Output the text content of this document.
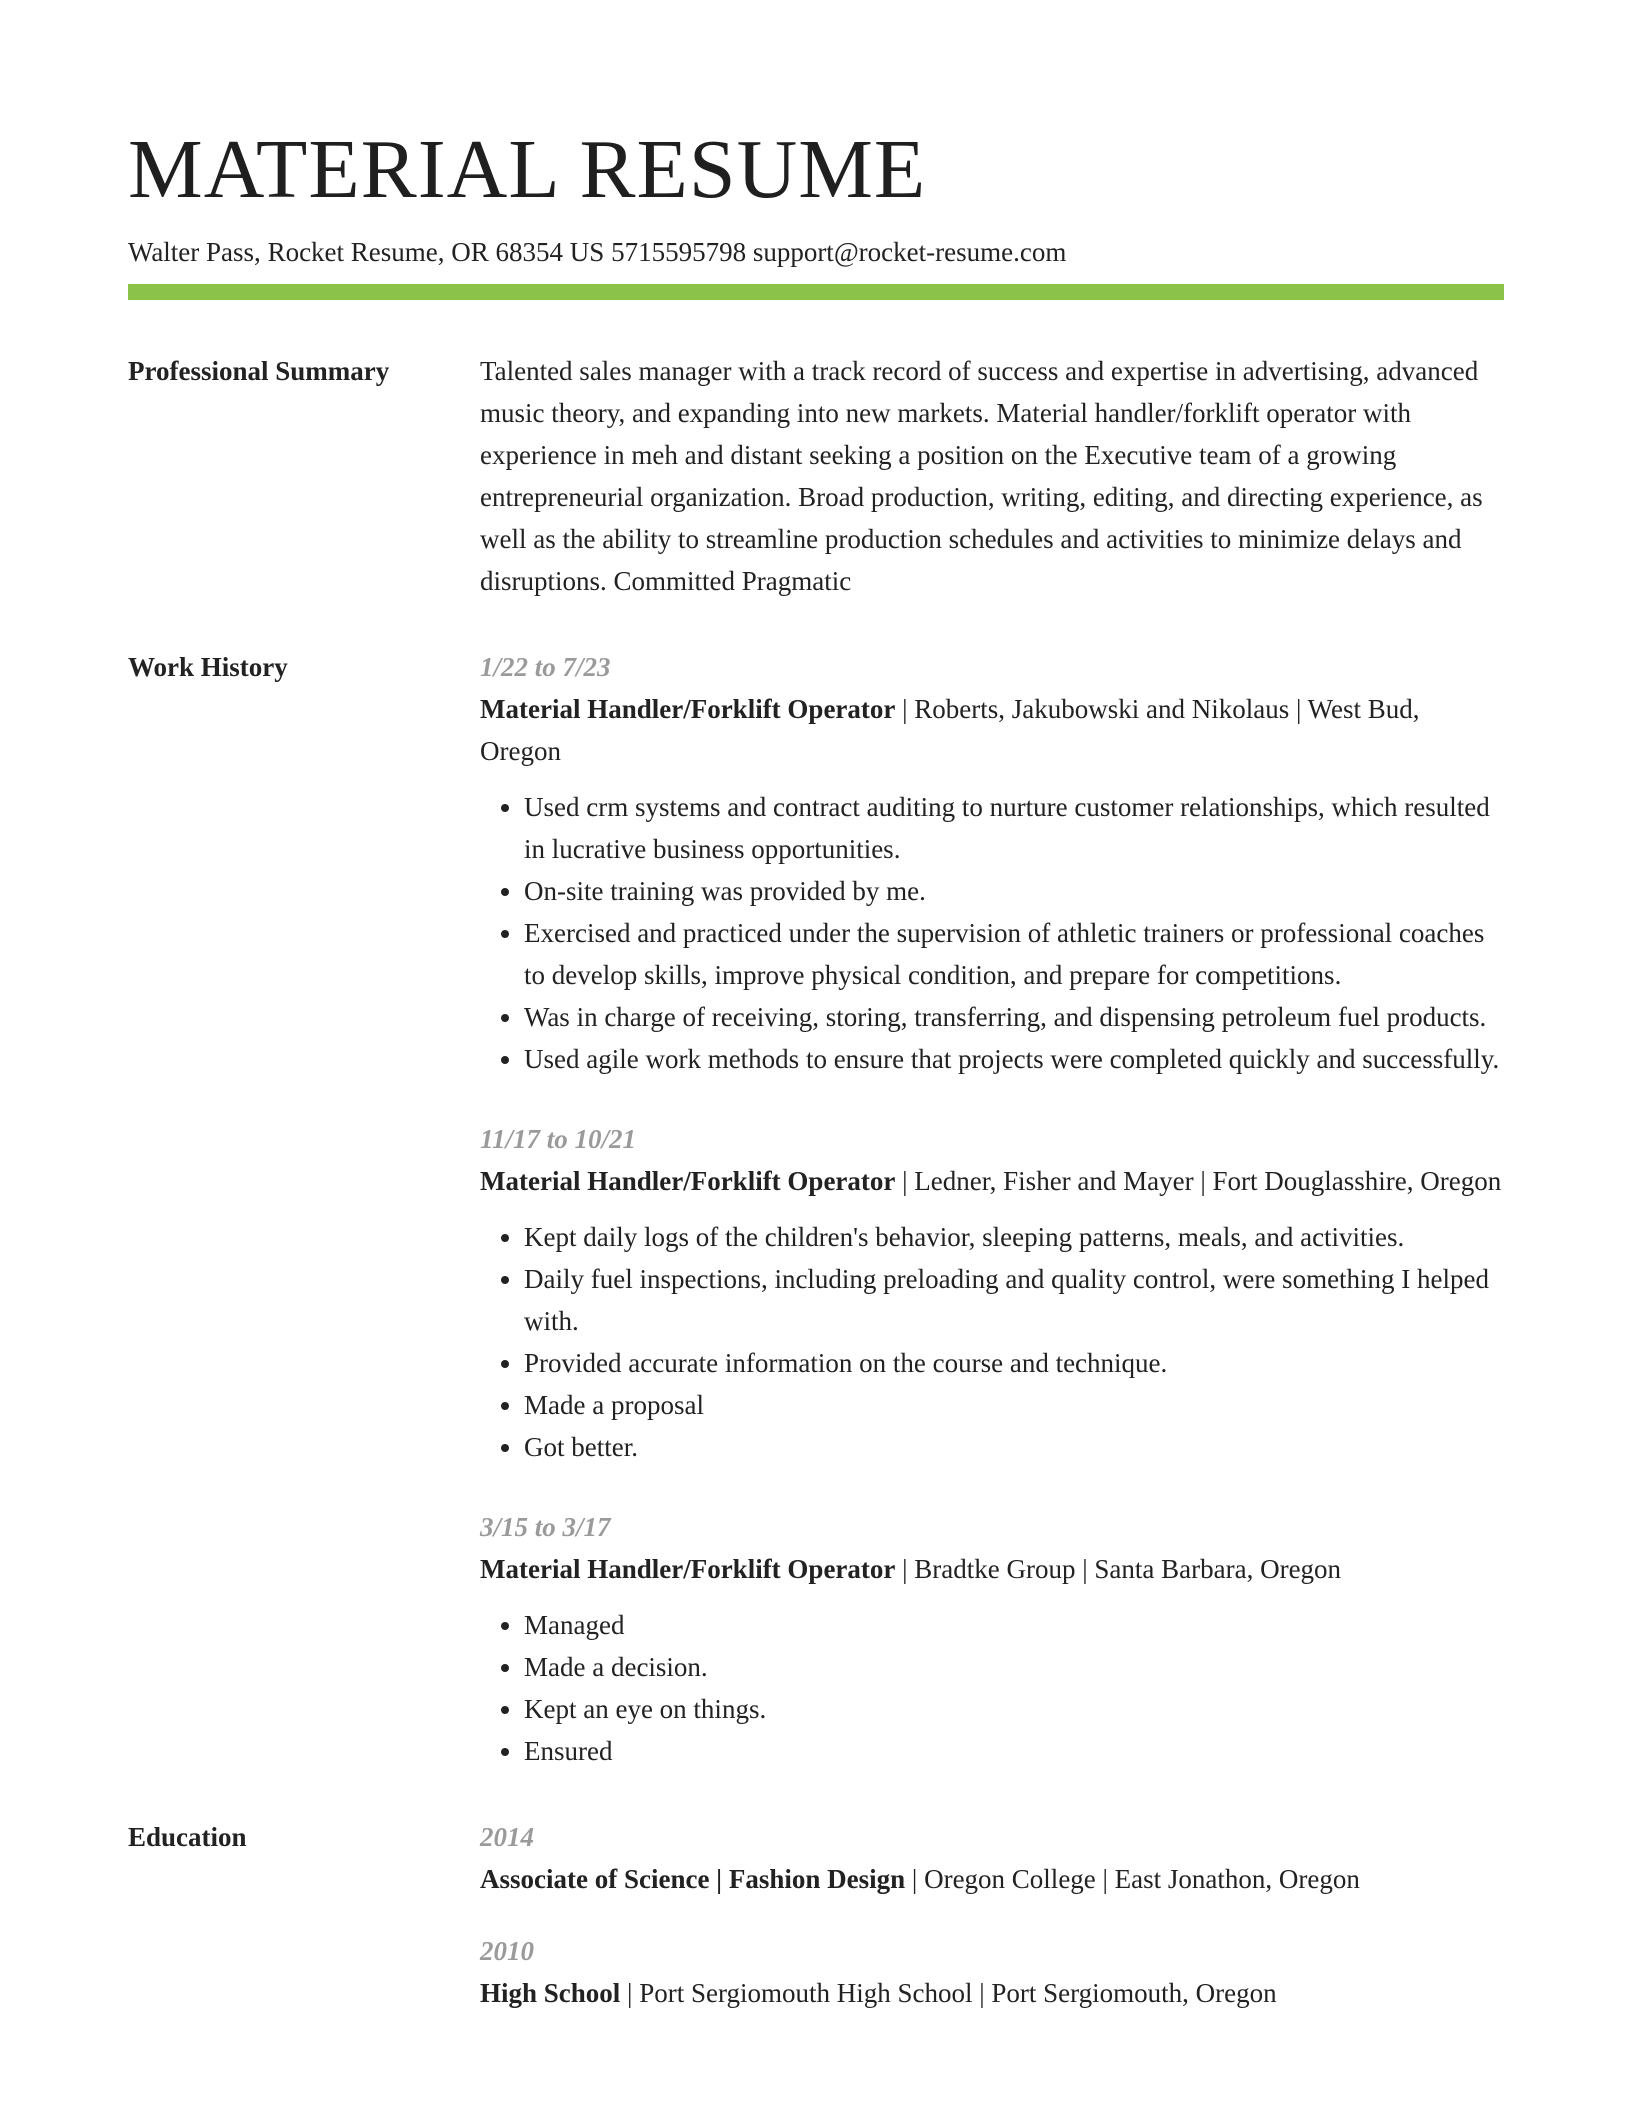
MATERIAL RESUME
Walter Pass, Rocket Resume, OR 68354 US 5715595798 support@rocket-resume.com
Professional Summary	Talented sales manager with a track record of success and expertise in advertising, advanced music theory, and expanding into new markets. Material handler/forklift operator with experience in meh and distant seeking a position on the Executive team of a growing entrepreneurial organization. Broad production, writing, editing, and directing experience, as well as the ability to streamline production schedules and activities to minimize delays and disruptions. Committed Pragmatic

Work History	1/22 to 7/23
Material Handler/Forklift Operator | Roberts, Jakubowski and Nikolaus | West Bud, Oregon
• Used crm systems and contract auditing to nurture customer relationships, which resulted in lucrative business opportunities.
• On-site training was provided by me.
• Exercised and practiced under the supervision of athletic trainers or professional coaches to develop skills, improve physical condition, and prepare for competitions.
• Was in charge of receiving, storing, transferring, and dispensing petroleum fuel products.
• Used agile work methods to ensure that projects were completed quickly and successfully.
11/17 to 10/21
Material Handler/Forklift Operator | Ledner, Fisher and Mayer | Fort Douglasshire, Oregon
• Kept daily logs of the children's behavior, sleeping patterns, meals, and activities.
• Daily fuel inspections, including preloading and quality control, were something I helped with.
• Provided accurate information on the course and technique.
• Made a proposal
• Got better.
3/15 to 3/17
Material Handler/Forklift Operator | Bradtke Group | Santa Barbara, Oregon
• Managed
• Made a decision.
• Kept an eye on things.
• Ensured
Education	2014
Associate of Science | Fashion Design | Oregon College | East Jonathon, Oregon
2010
High School | Port Sergiomouth High School | Port Sergiomouth, Oregon
